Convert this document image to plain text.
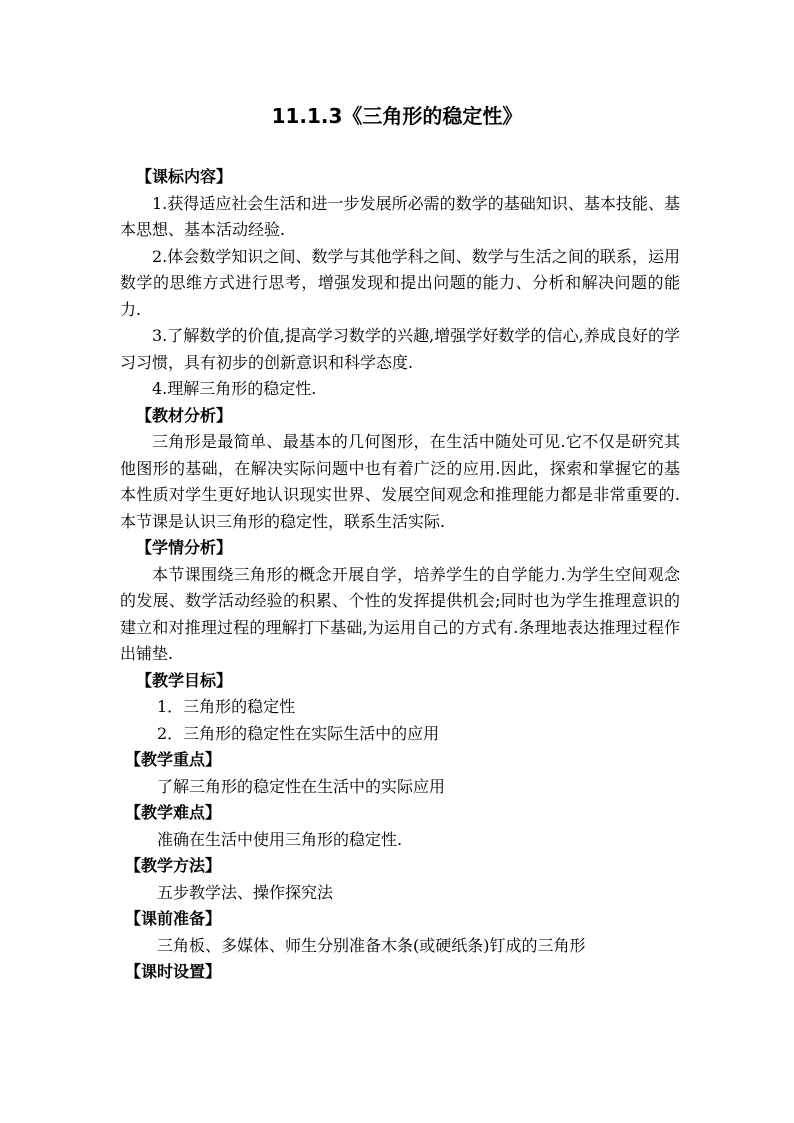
11.1.3《三角形的稳定性》

【课标内容】

1.获得适应社会生活和进一步发展所必需的数学的基础知识、基本技能、基本思想、基本活动经验.

2.体会数学知识之间、数学与其他学科之间、数学与生活之间的联系，运用数学的思维方式进行思考，增强发现和提出问题的能力、分析和解决问题的能力.

3.了解数学的价值,提高学习数学的兴趣,增强学好数学的信心,养成良好的学习习惯，具有初步的创新意识和科学态度.

4.理解三角形的稳定性.

【教材分析】

三角形是最简单、最基本的几何图形，在生活中随处可见.它不仅是研究其他图形的基础，在解决实际问题中也有着广泛的应用.因此，探索和掌握它的基本性质对学生更好地认识现实世界、发展空间观念和推理能力都是非常重要的.本节课是认识三角形的稳定性，联系生活实际.

【学情分析】

本节课围绕三角形的概念开展自学，培养学生的自学能力.为学生空间观念的发展、数学活动经验的积累、个性的发挥提供机会;同时也为学生推理意识的建立和对推理过程的理解打下基础,为运用自己的方式有.条理地表达推理过程作出铺垫.

【教学目标】

1．三角形的稳定性

2．三角形的稳定性在实际生活中的应用

【教学重点】

了解三角形的稳定性在生活中的实际应用

【教学难点】

准确在生活中使用三角形的稳定性.

【教学方法】

五步教学法、操作探究法

【课前准备】

三角板、多媒体、师生分别准备木条(或硬纸条)钉成的三角形

【课时设置】
